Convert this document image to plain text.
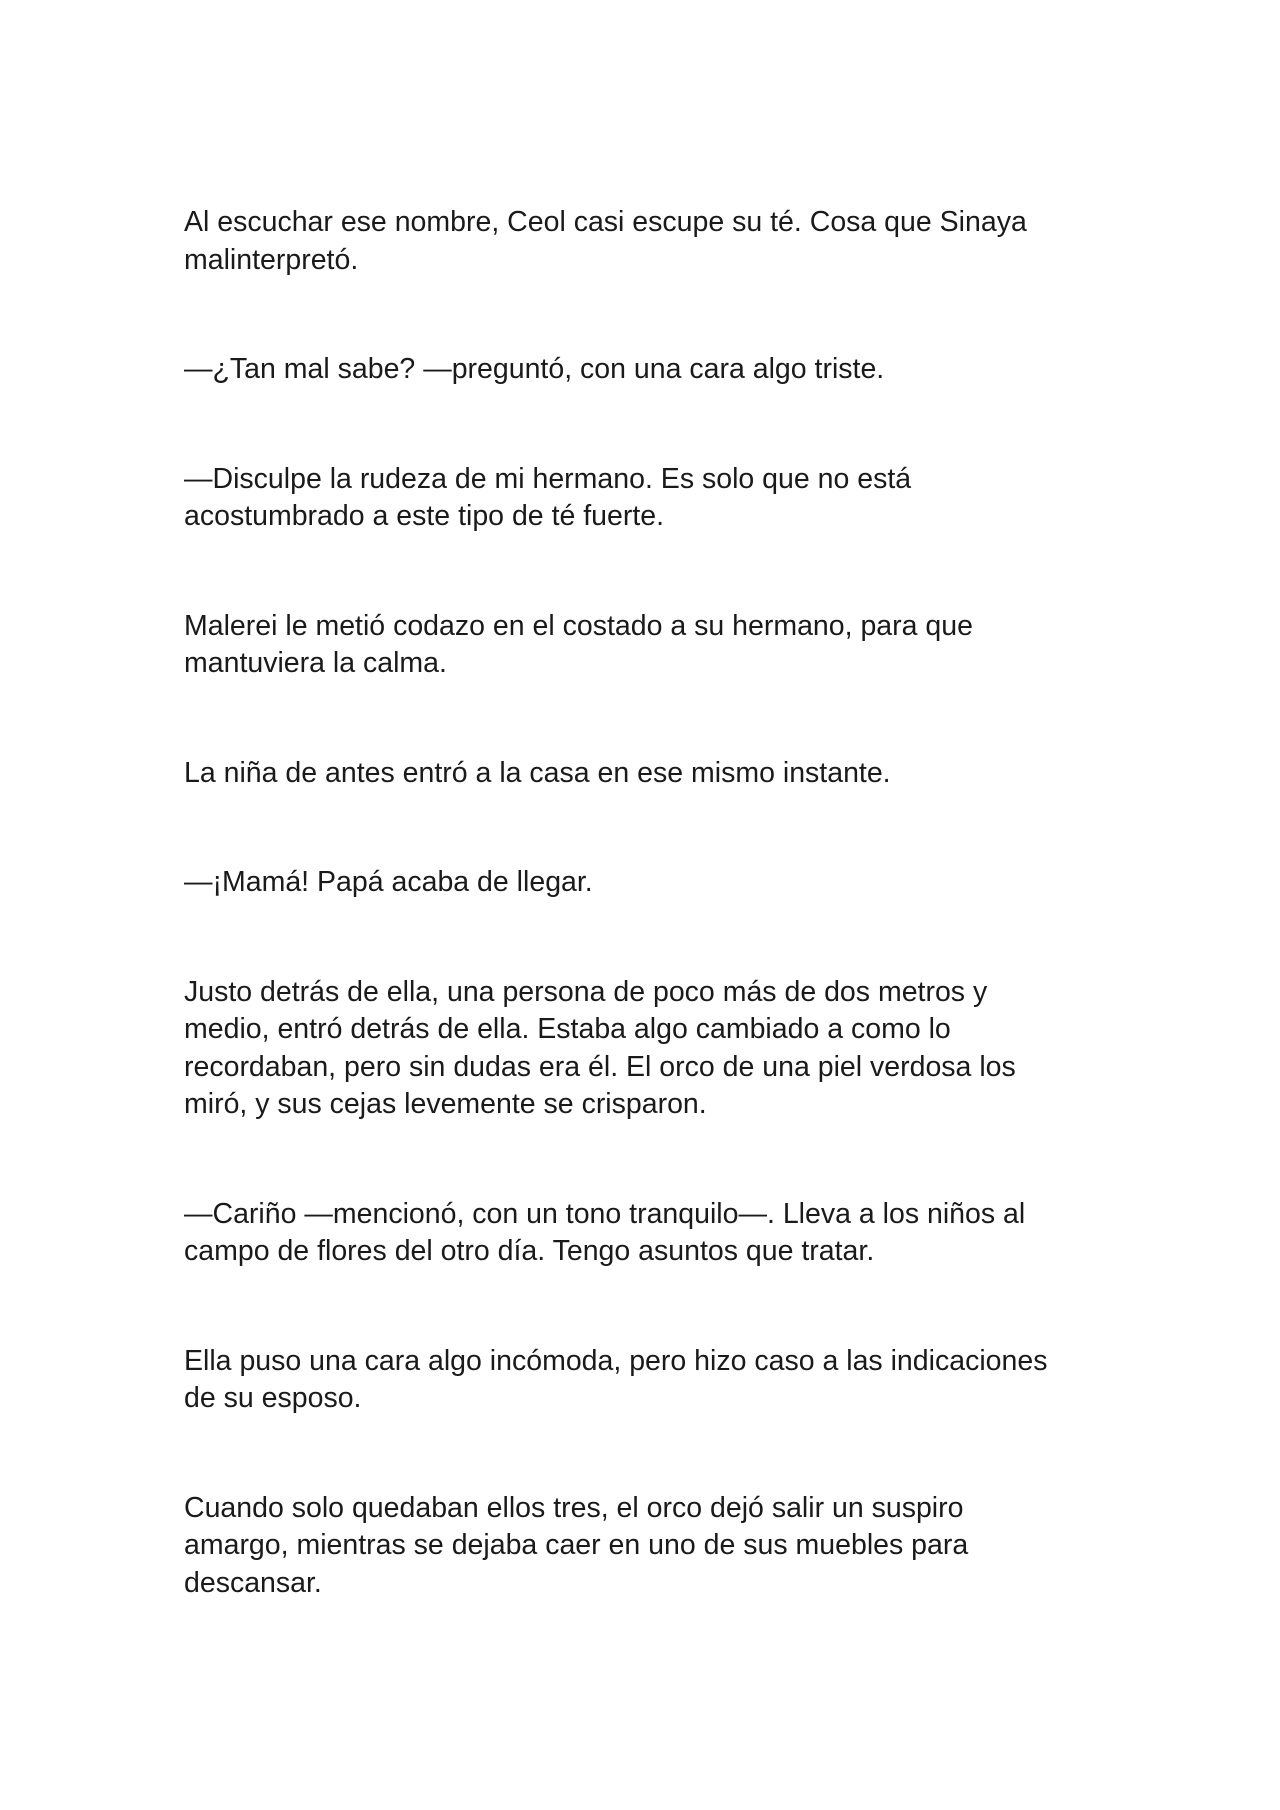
Al escuchar ese nombre, Ceol casi escupe su té. Cosa que Sinaya
malinterpretó.

—¿Tan mal sabe? —preguntó, con una cara algo triste.

—Disculpe la rudeza de mi hermano. Es solo que no está
acostumbrado a este tipo de té fuerte.

Malerei le metió codazo en el costado a su hermano, para que
mantuviera la calma.

La niña de antes entró a la casa en ese mismo instante.

—¡Mamá! Papá acaba de llegar.

Justo detrás de ella, una persona de poco más de dos metros y
medio, entró detrás de ella. Estaba algo cambiado a como lo
recordaban, pero sin dudas era él. El orco de una piel verdosa los
miró, y sus cejas levemente se crisparon.

—Cariño —mencionó, con un tono tranquilo—. Lleva a los niños al
campo de flores del otro día. Tengo asuntos que tratar.

Ella puso una cara algo incómoda, pero hizo caso a las indicaciones
de su esposo.

Cuando solo quedaban ellos tres, el orco dejó salir un suspiro
amargo, mientras se dejaba caer en uno de sus muebles para
descansar.
